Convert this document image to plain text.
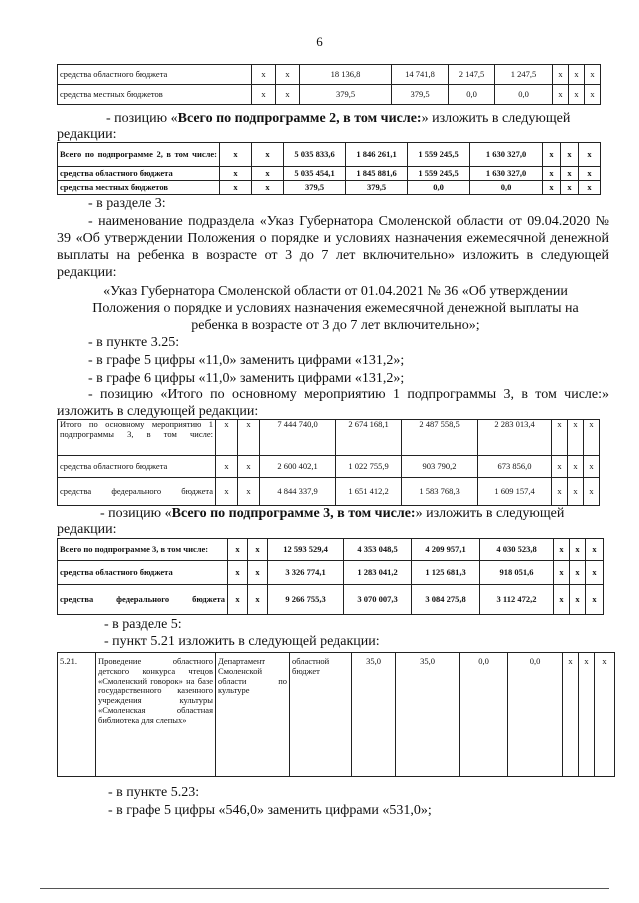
6
средства областного бюджета	х	х	18 136,8	14 741,8	2 147,5	1 247,5	х	х	х
средства местных бюджетов	х	х	379,5	379,5	0,0	0,0	х	х	х
- позицию «Всего по подпрограмме 2, в том числе:» изложить в следующей
редакции:
Всего по подпрограмме 2, в том числе:	х	х	5 035 833,6	1 846 261,1	1 559 245,5	1 630 327,0	х	х	х
средства областного бюджета	х	х	5 035 454,1	1 845 881,6	1 559 245,5	1 630 327,0	х	х	х
средства местных бюджетов	х	х	379,5	379,5	0,0	0,0	х	х	х
- в разделе 3:
- наименование подраздела «Указ Губернатора Смоленской области от 09.04.2020 № 39 «Об утверждении Положения о порядке и условиях назначения ежемесячной денежной выплаты на ребенка в возрасте от 3 до 7 лет включительно» изложить в следующей редакции:
«Указ Губернатора Смоленской области от 01.04.2021 № 36 «Об утверждении Положения о порядке и условиях назначения ежемесячной денежной выплаты на ребенка в возрасте от 3 до 7 лет включительно»;
- в пункте 3.25:
- в графе 5 цифры «11,0» заменить цифрами «131,2»;
- в графе 6 цифры «11,0» заменить цифрами «131,2»;
- позицию «Итого по основному мероприятию 1 подпрограммы 3, в том числе:» изложить в следующей редакции:
Итого по основному мероприятию 1 подпрограммы 3, в том числе:	х	х	7 444 740,0	2 674 168,1	2 487 558,5	2 283 013,4	х	х	х
средства областного бюджета	х	х	2 600 402,1	1 022 755,9	903 790,2	673 856,0	х	х	х
средства федерального бюджета	х	х	4 844 337,9	1 651 412,2	1 583 768,3	1 609 157,4	х	х	х
- позицию «Всего по подпрограмме 3, в том числе:» изложить в следующей
редакции:
Всего по подпрограмме 3, в том числе:	х	х	12 593 529,4	4 353 048,5	4 209 957,1	4 030 523,8	х	х	х
средства областного бюджета	х	х	3 326 774,1	1 283 041,2	1 125 681,3	918 051,6	х	х	х
средства федерального бюджета	х	х	9 266 755,3	3 070 007,3	3 084 275,8	3 112 472,2	х	х	х
- в разделе 5:
- пункт 5.21 изложить в следующей редакции:
5.21.	Проведение областного детского конкурса чтецов «Смоленский говорок» на базе государственного казенного учреждения культуры «Смоленская областная библиотека для слепых»	Департамент Смоленской области по культуре	областной бюджет	35,0	35,0	0,0	0,0	х	х	х
- в пункте 5.23:
- в графе 5 цифры «546,0» заменить цифрами «531,0»;
